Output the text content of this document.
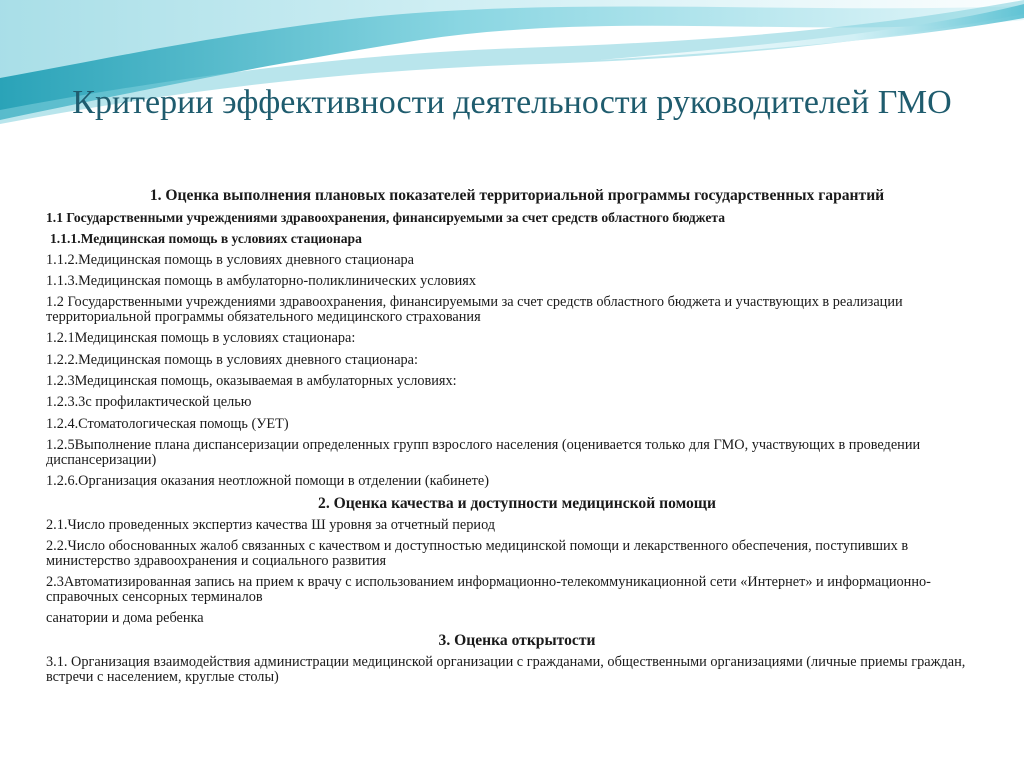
Критерии эффективности деятельности руководителей ГМО

1. Оценка выполнения плановых показателей территориальной программы государственных гарантий

1.1 Государственными учреждениями здравоохранения, финансируемыми за счет средств областного бюджета

1.1.1.Медицинская помощь в условиях стационара

1.1.2.Медицинская помощь в условиях дневного стационара

1.1.3.Медицинская помощь в амбулаторно-поликлинических условиях

1.2 Государственными учреждениями здравоохранения, финансируемыми за счет средств областного бюджета и участвующих в реализации территориальной программы обязательного медицинского страхования

1.2.1Медицинская помощь в условиях стационара:

1.2.2.Медицинская помощь в условиях дневного стационара:

1.2.3Медицинская помощь, оказываемая в амбулаторных условиях:

1.2.3.3с профилактической целью

1.2.4.Стоматологическая помощь (УЕТ)

1.2.5Выполнение плана диспансеризации определенных групп взрослого населения (оценивается только для ГМО, участвующих в проведении диспансеризации)

1.2.6.Организация оказания неотложной помощи в отделении (кабинете)

2. Оценка качества и доступности медицинской помощи

2.1.Число проведенных экспертиз качества Ш уровня за отчетный период

2.2.Число обоснованных жалоб связанных с качеством и доступностью медицинской помощи и лекарственного обеспечения, поступивших в министерство здравоохранения и социального развития

2.3Автоматизированная запись на прием к врачу с использованием информационно-телекоммуникационной сети «Интернет» и информационно- справочных сенсорных терминалов

санатории и дома ребенка

3. Оценка открытости

3.1. Организация взаимодействия администрации медицинской организации с гражданами, общественными организациями (личные приемы граждан, встречи с населением, круглые столы)
